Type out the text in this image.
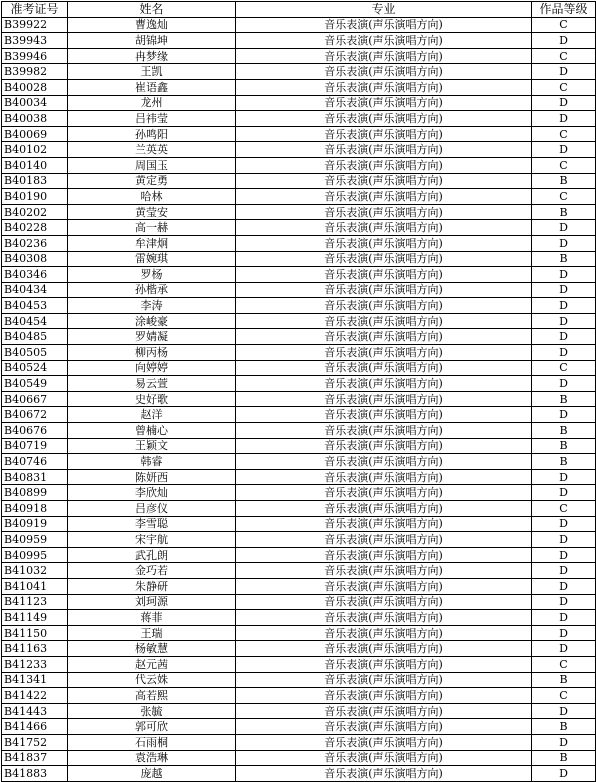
准考证号	姓名	专业	作品等级
B39922	曹逸灿	音乐表演(声乐演唱方向)	C
B39943	胡锦坤	音乐表演(声乐演唱方向)	D
B39946	冉梦缘	音乐表演(声乐演唱方向)	C
B39982	王凯	音乐表演(声乐演唱方向)	D
B40028	崔语鑫	音乐表演(声乐演唱方向)	C
B40034	龙州	音乐表演(声乐演唱方向)	D
B40038	吕祎莹	音乐表演(声乐演唱方向)	D
B40069	孙鸣阳	音乐表演(声乐演唱方向)	C
B40102	兰英英	音乐表演(声乐演唱方向)	D
B40140	周国玉	音乐表演(声乐演唱方向)	C
B40183	黄定勇	音乐表演(声乐演唱方向)	B
B40190	哈林	音乐表演(声乐演唱方向)	C
B40202	黄莹安	音乐表演(声乐演唱方向)	B
B40228	高一赫	音乐表演(声乐演唱方向)	D
B40236	牟津炯	音乐表演(声乐演唱方向)	D
B40308	雷婉琪	音乐表演(声乐演唱方向)	B
B40346	罗杨	音乐表演(声乐演唱方向)	D
B40434	孙楷承	音乐表演(声乐演唱方向)	D
B40453	李涛	音乐表演(声乐演唱方向)	D
B40454	涂峻豪	音乐表演(声乐演唱方向)	D
B40485	罗婧凝	音乐表演(声乐演唱方向)	D
B40505	柳丙杨	音乐表演(声乐演唱方向)	D
B40524	向婷婷	音乐表演(声乐演唱方向)	C
B40549	易云萱	音乐表演(声乐演唱方向)	D
B40667	史好歌	音乐表演(声乐演唱方向)	B
B40672	赵洋	音乐表演(声乐演唱方向)	D
B40676	曾楠心	音乐表演(声乐演唱方向)	B
B40719	王颖文	音乐表演(声乐演唱方向)	B
B40746	韩睿	音乐表演(声乐演唱方向)	B
B40831	陈妍西	音乐表演(声乐演唱方向)	D
B40899	李欣灿	音乐表演(声乐演唱方向)	D
B40918	吕彦仪	音乐表演(声乐演唱方向)	C
B40919	李雪聪	音乐表演(声乐演唱方向)	D
B40959	宋宇航	音乐表演(声乐演唱方向)	D
B40995	武孔朗	音乐表演(声乐演唱方向)	D
B41032	金巧若	音乐表演(声乐演唱方向)	D
B41041	朱静研	音乐表演(声乐演唱方向)	D
B41123	刘珂源	音乐表演(声乐演唱方向)	D
B41149	蒋菲	音乐表演(声乐演唱方向)	D
B41150	王瑞	音乐表演(声乐演唱方向)	D
B41163	杨敏慧	音乐表演(声乐演唱方向)	D
B41233	赵元茜	音乐表演(声乐演唱方向)	C
B41341	代云姝	音乐表演(声乐演唱方向)	B
B41422	高若熙	音乐表演(声乐演唱方向)	C
B41443	张毓	音乐表演(声乐演唱方向)	D
B41466	郭可欣	音乐表演(声乐演唱方向)	B
B41752	石雨桐	音乐表演(声乐演唱方向)	D
B41837	袁浩琳	音乐表演(声乐演唱方向)	B
B41883	庞越	音乐表演(声乐演唱方向)	D
